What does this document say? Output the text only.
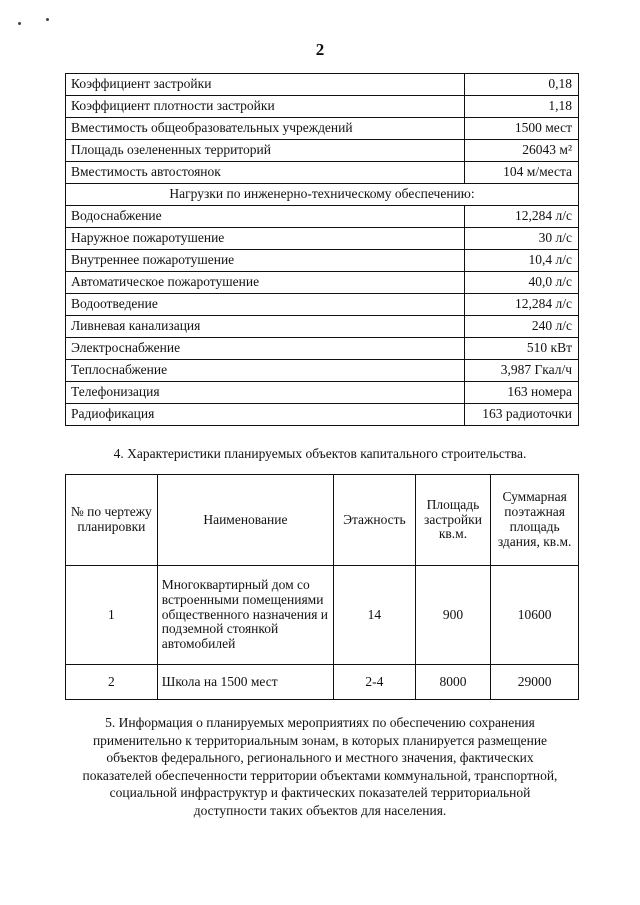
2
Коэффициент застройки	0,18
Коэффициент плотности застройки	1,18
Вместимость общеобразовательных учреждений	1500 мест
Площадь озелененных территорий	26043 м²
Вместимость автостоянок	104 м/места
Нагрузки по инженерно-техническому обеспечению:	
Водоснабжение	12,284 л/с
Наружное пожаротушение	30 л/с
Внутреннее пожаротушение	10,4 л/с
Автоматическое пожаротушение	40,0 л/с
Водоотведение	12,284 л/с
Ливневая канализация	240 л/с
Электроснабжение	510 кВт
Теплоснабжение	3,987 Гкал/ч
Телефонизация	163 номера
Радиофикация	163 радиоточки
4. Характеристики планируемых объектов капитального строительства.
№ по чертежу планировки	Наименование	Этажность	Площадь застройки кв.м.	Суммарная поэтажная площадь здания, кв.м.
1	Многоквартирный дом со встроенными помещениями общественного назначения и подземной стоянкой автомобилей	14	900	10600
2	Школа на 1500 мест	2-4	8000	29000
5. Информация о планируемых мероприятиях по обеспечению сохранения применительно к территориальным зонам, в которых планируется размещение объектов федерального, регионального и местного значения, фактических показателей обеспеченности территории объектами коммунальной, транспортной, социальной инфраструктур и фактических показателей территориальной доступности таких объектов для населения.
